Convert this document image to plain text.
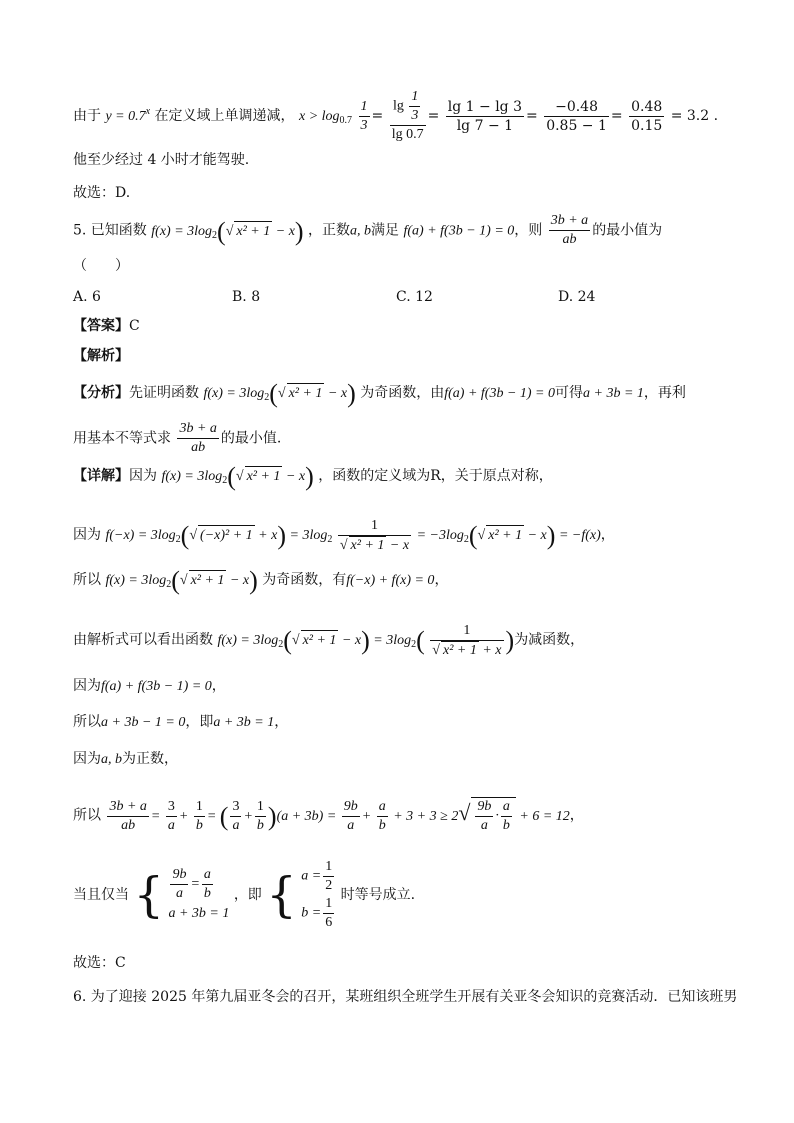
由于 $y = 0.7^x$ 在定义域上单调递减， $x > \log_{0.7} \frac{1}{3} = \frac{\lg \frac{1}{3}}{\lg 0.7} = \frac{\lg 1 - \lg 3}{\lg 7 - 1} = \frac{-0.48}{0.85 - 1} = \frac{0.48}{0.15} = 3.2$ .
他至少经过 4 小时才能驾驶.
故选：D.
5. 已知函数 $f(x) = 3\log_2(√$ x² + 1 − x) ，正数a, b满足 f(a) + f(3b − 1) = 0，则 $\frac{3b + a}{ab}$ 的最小值为
（　　）
A. 6	B. 8	C. 12	D. 24
【答案】C
【解析】
【分析】先证明函数 $f(x) = 3\log_2(√$ x² + 1 − x) 为奇函数，由f(a) + f(3b − 1) = 0可得a + 3b = 1，再利
用基本不等式求 $\frac{3b + a}{ab}$ 的最小值.
【详解】因为 $f(x) = 3\log_2(√$ x² + 1 − x) ，函数的定义域为R，关于原点对称，
因为 $f(-x) = 3\log_2(√$ $(-x)^2 + 1 + x) = 3\log_2 \frac{1}{\text{√ x² + 1 − x}} = -3\log_2(√$ x² + 1 − x) = −f(x)，
所以 $f(x) = 3\log_2(√$ x² + 1 − x) 为奇函数，有f(−x) + f(x) = 0，
由解析式可以看出函数 $f(x) = 3\log_2(√$ $x^2 + 1 - x) = 3\log_2( \frac{1}{\text{√ x² + 1 + x}}$ )为减函数，
因为f(a) + f(3b − 1) = 0，
所以a + 3b − 1 = 0，即a + 3b = 1，
因为a, b为正数，
所以 $\frac{3b + a}{ab} = \frac{3}{a} + \frac{1}{b}$ = ( $\frac{3}{a} + \frac{1}{b} )(a + 3b) = \frac{9b}{a} + \frac{a}{b} + 3 + 3 \ge 2√ \frac{9b}{a} \cdot \frac{a}{b} + 6 = 12$，
当且仅当 { $\frac{9b}{a} = \frac{a}{b}$
a + 3b = 1
，即 { $a = \frac{1}{2}$
$b = \frac{1}{6}$ 时等号成立.
故选：C
6. 为了迎接 2025 年第九届亚冬会的召开，某班组织全班学生开展有关亚冬会知识的竞赛活动．已知该班男
